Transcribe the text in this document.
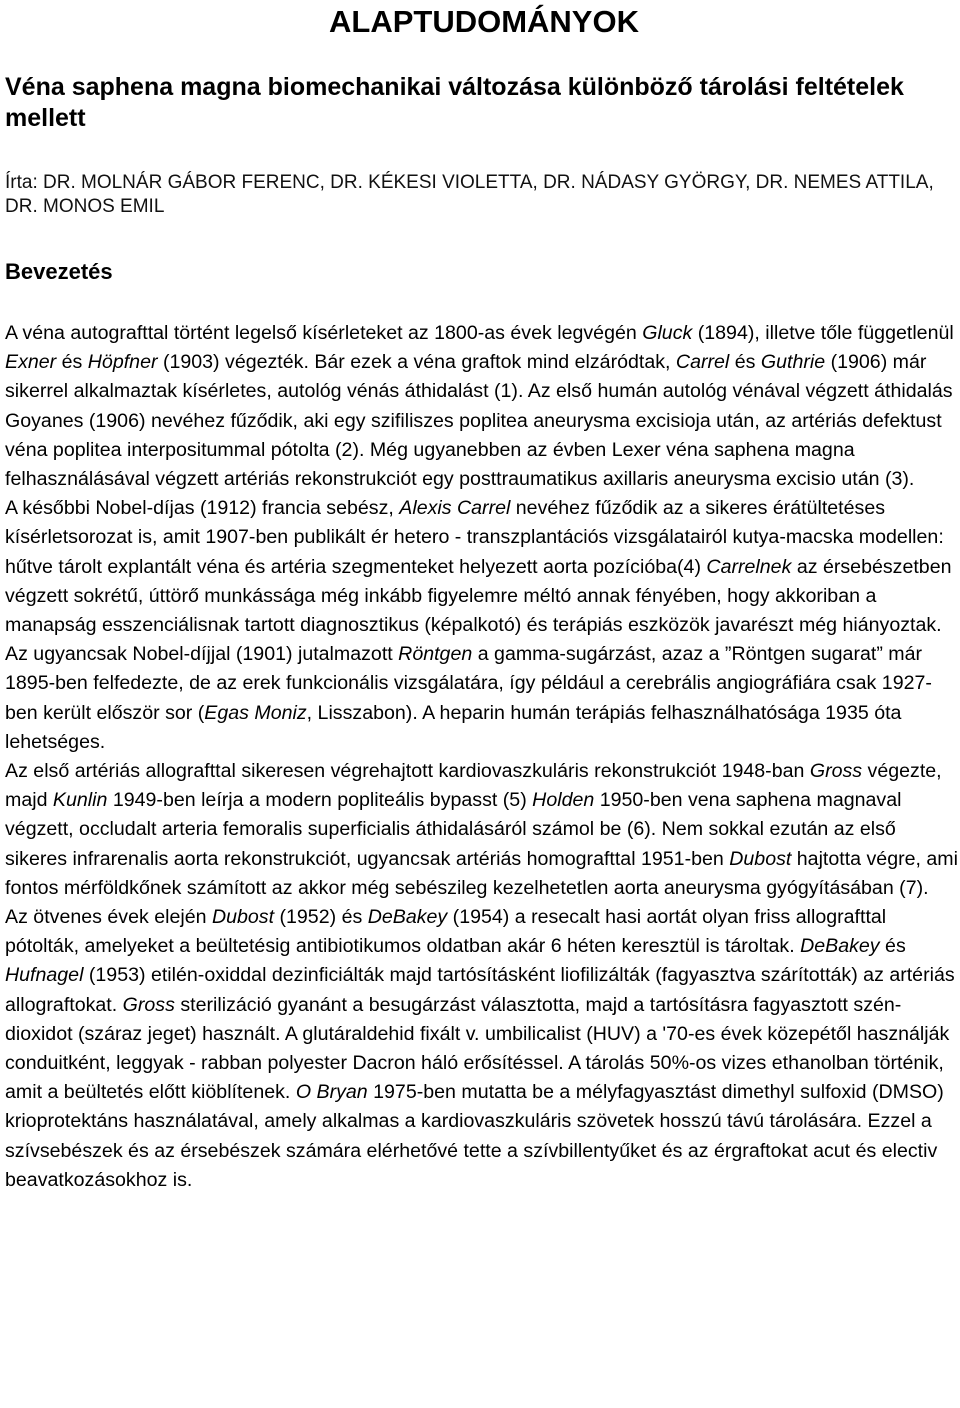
ALAPTUDOMÁNYOK
Véna saphena magna biomechanikai változása különböző tárolási feltételek mellett
Írta: DR. MOLNÁR GÁBOR FERENC, DR. KÉKESI VIOLETTA, DR. NÁDASY GYÖRGY, DR. NEMES ATTILA, DR. MONOS EMIL
Bevezetés

A véna autografttal történt legelső kísérleteket az 1800-as évek legvégén Gluck (1894), illetve tőle függetlenül Exner és Höpfner (1903) végezték. Bár ezek a véna graftok mind elzáródtak, Carrel és Guthrie (1906) már sikerrel alkalmaztak kísérletes, autológ vénás áthidalást (1). Az első humán autológ vénával végzett áthidalás Goyanes (1906) nevéhez fűződik, aki egy szifiliszes poplitea aneurysma excisioja után, az artériás defektust véna poplitea interpositummal pótolta (2). Még ugyanebben az évben Lexer véna saphena magna felhasználásával végzett artériás rekonstrukciót egy posttraumatikus axillaris aneurysma excisio után (3).

A későbbi Nobel-díjas (1912) francia sebész, Alexis Carrel nevéhez fűződik az a sikeres érátültetéses kísérletsorozat is, amit 1907-ben publikált ér hetero - transzplantációs vizsgálatairól kutya-macska modellen: hűtve tárolt explantált véna és artéria szegmenteket helyezett aorta pozícióba(4) Carrelnek az érsebészetben végzett sokrétű, úttörő munkássága még inkább figyelemre méltó annak fényében, hogy akkoriban a manapság esszenciálisnak tartott diagnosztikus (képalkotó) és terápiás eszközök javarészt még hiányoztak.

Az ugyancsak Nobel-díjjal (1901) jutalmazott Röntgen a gamma-sugárzást, azaz a ”Röntgen sugarat” már 1895-ben felfedezte, de az erek funkcionális vizsgálatára, így például a cerebrális angiográfiára csak 1927-ben került először sor (Egas Moniz, Lisszabon). A heparin humán terápiás felhasználhatósága 1935 óta lehetséges.

Az első artériás allografttal sikeresen végrehajtott kardiovaszkuláris rekonstrukciót 1948-ban Gross végezte, majd Kunlin 1949-ben leírja a modern popliteális bypasst (5) Holden 1950-ben vena saphena magnaval végzett, occludalt arteria femoralis superficialis áthidalásáról számol be (6). Nem sokkal ezután az első sikeres infrarenalis aorta rekonstrukciót, ugyancsak artériás homografttal 1951-ben Dubost hajtotta végre, ami fontos mérföldkőnek számított az akkor még sebészileg kezelhetetlen aorta aneurysma gyógyításában (7).

Az ötvenes évek elején Dubost (1952) és DeBakey (1954) a resecalt hasi aortát olyan friss allografttal pótolták, amelyeket a beültetésig antibiotikumos oldatban akár 6 héten keresztül is tároltak. DeBakey és Hufnagel (1953) etilén-oxiddal dezinficiálták majd tartósításként liofilizálták (fagyasztva szárították) az artériás allograftokat. Gross sterilizáció gyanánt a besugárzást választotta, majd a tartósításra fagyasztott szén-dioxidot (száraz jeget) használt. A glutáraldehid fixált v. umbilicalist (HUV) a '70-es évek közepétől használják conduitként, leggyak - rabban polyester Dacron háló erősítéssel. A tárolás 50%-os vizes ethanolban történik, amit a beültetés előtt kiöblítenek. O Bryan 1975-ben mutatta be a mélyfagyasztást dimethyl sulfoxid (DMSO) krioprotektáns használatával, amely alkalmas a kardiovaszkuláris szövetek hosszú távú tárolására. Ezzel a szívsebészek és az érsebészek számára elérhetővé tette a szívbillentyűket és az érgraftokat acut és electiv beavatkozásokhoz is.
